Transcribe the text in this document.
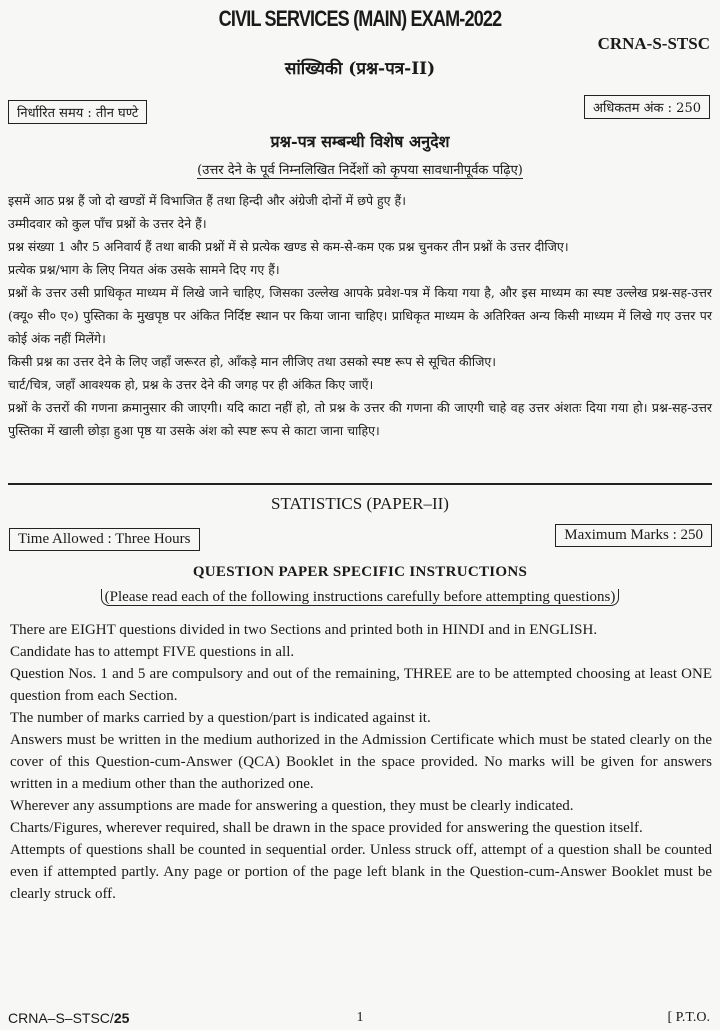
CIVIL SERVICES (MAIN) EXAM-2022
CRNA-S-STSC
सांख्यिकी (प्रश्न-पत्र-II)
निर्धारित समय : तीन घण्टे	अधिकतम अंक : 250
प्रश्न-पत्र सम्बन्धी विशेष अनुदेश
(उत्तर देने के पूर्व निम्नलिखित निर्देशों को कृपया सावधानीपूर्वक पढ़िए)

इसमें आठ प्रश्न हैं जो दो खण्डों में विभाजित हैं तथा हिन्दी और अंग्रेजी दोनों में छपे हुए हैं।

उम्मीदवार को कुल पाँच प्रश्नों के उत्तर देने हैं।

प्रश्न संख्या 1 और 5 अनिवार्य हैं तथा बाकी प्रश्नों में से प्रत्येक खण्ड से कम-से-कम एक प्रश्न चुनकर तीन प्रश्नों के उत्तर दीजिए।

प्रत्येक प्रश्न/भाग के लिए नियत अंक उसके सामने दिए गए हैं।

प्रश्नों के उत्तर उसी प्राधिकृत माध्यम में लिखे जाने चाहिए, जिसका उल्लेख आपके प्रवेश-पत्र में किया गया है, और इस माध्यम का स्पष्ट उल्लेख प्रश्न-सह-उत्तर (क्यू० सी० ए०) पुस्तिका के मुखपृष्ठ पर अंकित निर्दिष्ट स्थान पर किया जाना चाहिए। प्राधिकृत माध्यम के अतिरिक्त अन्य किसी माध्यम में लिखे गए उत्तर पर कोई अंक नहीं मिलेंगे।

किसी प्रश्न का उत्तर देने के लिए जहाँ जरूरत हो, आँकड़े मान लीजिए तथा उसको स्पष्ट रूप से सूचित कीजिए।

चार्ट/चित्र, जहाँ आवश्यक हो, प्रश्न के उत्तर देने की जगह पर ही अंकित किए जाएँ।

प्रश्नों के उत्तरों की गणना क्रमानुसार की जाएगी। यदि काटा नहीं हो, तो प्रश्न के उत्तर की गणना की जाएगी चाहे वह उत्तर अंशतः दिया गया हो। प्रश्न-सह-उत्तर पुस्तिका में खाली छोड़ा हुआ पृष्ठ या उसके अंश को स्पष्ट रूप से काटा जाना चाहिए।

STATISTICS (PAPER–II)
Time Allowed : Three Hours	Maximum Marks : 250
QUESTION PAPER SPECIFIC INSTRUCTIONS
(Please read each of the following instructions carefully before attempting questions)

There are EIGHT questions divided in two Sections and printed both in HINDI and in ENGLISH.

Candidate has to attempt FIVE questions in all.

Question Nos. 1 and 5 are compulsory and out of the remaining, THREE are to be attempted choosing at least ONE question from each Section.

The number of marks carried by a question/part is indicated against it.

Answers must be written in the medium authorized in the Admission Certificate which must be stated clearly on the cover of this Question-cum-Answer (QCA) Booklet in the space provided. No marks will be given for answers written in a medium other than the authorized one.

Wherever any assumptions are made for answering a question, they must be clearly indicated.

Charts/Figures, wherever required, shall be drawn in the space provided for answering the question itself.

Attempts of questions shall be counted in sequential order. Unless struck off, attempt of a question shall be counted even if attempted partly. Any page or portion of the page left blank in the Question-cum-Answer Booklet must be clearly struck off.

CRNA–S–STSC/25	1	[ P.T.O.
